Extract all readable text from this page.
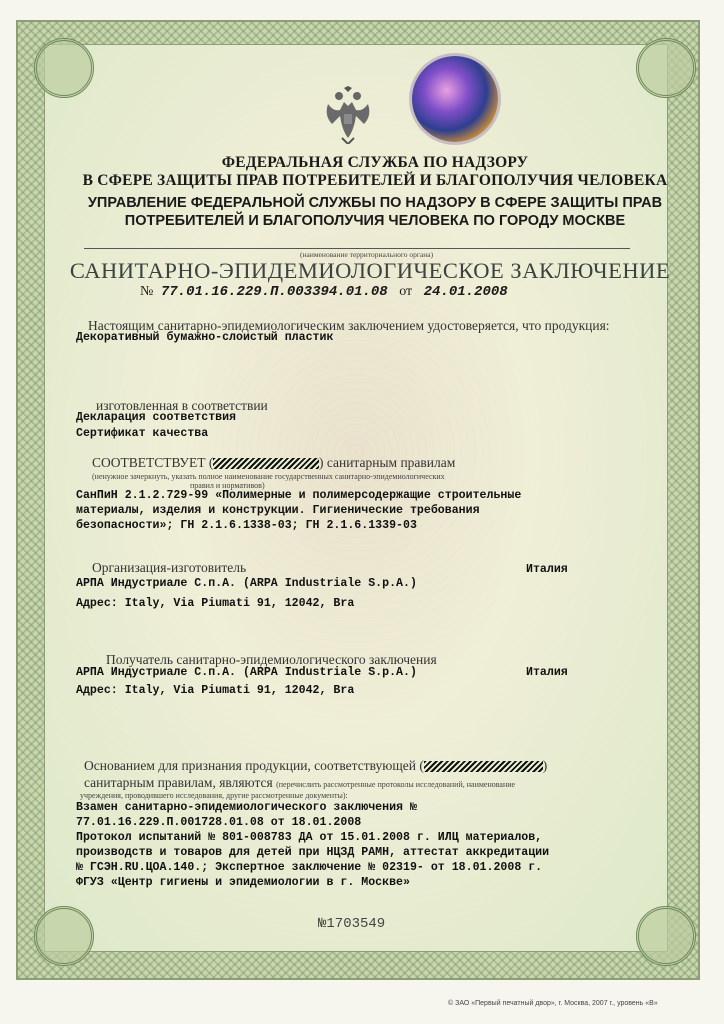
ФЕДЕРАЛЬНАЯ СЛУЖБА ПО НАДЗОРУ
В СФЕРЕ ЗАЩИТЫ ПРАВ ПОТРЕБИТЕЛЕЙ И БЛАГОПОЛУЧИЯ ЧЕЛОВЕКА
УПРАВЛЕНИЕ ФЕДЕРАЛЬНОЙ СЛУЖБЫ ПО НАДЗОРУ В СФЕРЕ ЗАЩИТЫ ПРАВ
ПОТРЕБИТЕЛЕЙ И БЛАГОПОЛУЧИЯ ЧЕЛОВЕКА ПО ГОРОДУ МОСКВЕ
(наименование территориального органа)
САНИТАРНО-ЭПИДЕМИОЛОГИЧЕСКОЕ ЗАКЛЮЧЕНИЕ
№ 77.01.16.229.П.003394.01.08 от 24.01.2008
Настоящим санитарно-эпидемиологическим заключением удостоверяется, что продукция:
Декоративный бумажно-слоистый пластик
изготовленная в соответствии
Декларация соответствия
Сертификат качества
СООТВЕТСТВУЕТ (	) санитарным правилам
(ненужное зачеркнуть, указать полное наименование государственных санитарно-эпидемиологических
правил и нормативов)
СанПиН 2.1.2.729-99 «Полимерные и полимерсодержащие строительные
материалы, изделия и конструкции. Гигиенические требования
безопасности»; ГН 2.1.6.1338-03; ГН 2.1.6.1339-03
Организация-изготовитель	Италия
АРПА Индустриале С.п.А. (ARPA Industriale S.p.A.)
Адрес: Italy, Via Piumati 91, 12042, Bra
Получатель санитарно-эпидемиологического заключения
Италия
АРПА Индустриале С.п.А. (ARPA Industriale S.p.A.)
Адрес: Italy, Via Piumati 91, 12042, Bra
Основанием для признания продукции, соответствующей (	)
санитарным правилам, являются (перечислить рассмотренные протоколы исследований, наименование
учреждения, проводившего исследования, другие рассмотренные документы):
Взамен санитарно-эпидемиологического заключения №
77.01.16.229.П.001728.01.08 от 18.01.2008
Протокол испытаний № 801-008783 ДА от 15.01.2008 г. ИЛЦ материалов,
производств и товаров для детей при НЦЗД РАМН, аттестат аккредитации
№ ГСЭН.RU.ЦОА.140.; Экспертное заключение № 02319- от 18.01.2008 г.
ФГУЗ «Центр гигиены и эпидемиологии в г. Москве»
№1703549
© ЗАО «Первый печатный двор», г. Москва, 2007 г., уровень «В»
